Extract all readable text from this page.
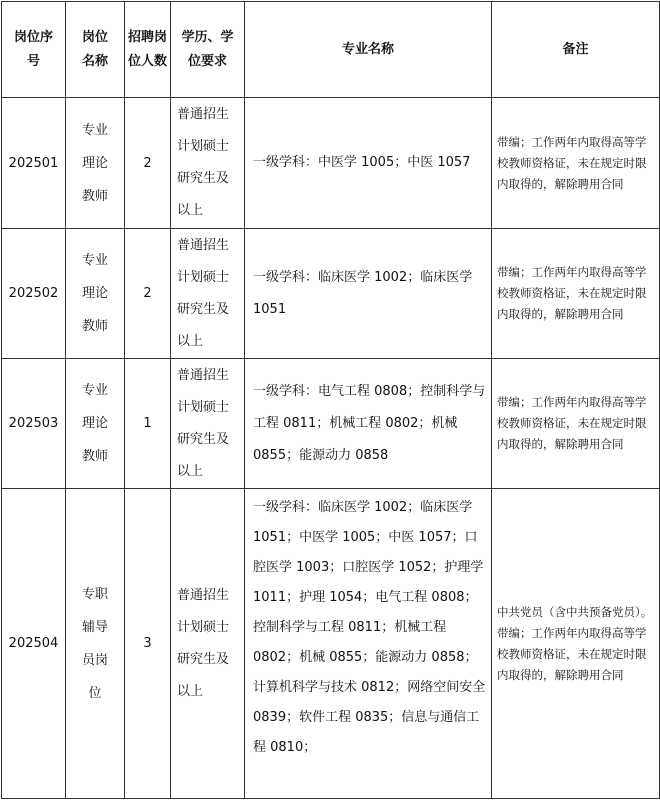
岗位序号	岗位名称	招聘岗位人数	学历、学位要求	专业名称	备注
202501	专业理论教师	2	普通招生计划硕士研究生及以上	一级学科：中医学 1005；中医 1057	带编；工作两年内取得高等学校教师资格证，未在规定时限内取得的，解除聘用合同
202502	专业理论教师	2	普通招生计划硕士研究生及以上	一级学科：临床医学 1002；临床医学 1051	带编；工作两年内取得高等学校教师资格证，未在规定时限内取得的，解除聘用合同
202503	专业理论教师	1	普通招生计划硕士研究生及以上	一级学科：电气工程 0808；控制科学与工程 0811；机械工程 0802；机械 0855；能源动力 0858	带编；工作两年内取得高等学校教师资格证，未在规定时限内取得的，解除聘用合同
202504	专职辅导员岗位	3	普通招生计划硕士研究生及以上	一级学科：临床医学 1002；临床医学 1051；中医学 1005；中医 1057；口腔医学 1003；口腔医学 1052；护理学 1011；护理 1054；电气工程 0808；控制科学与工程 0811；机械工程 0802；机械 0855；能源动力 0858；计算机科学与技术 0812；网络空间安全 0839；软件工程 0835；信息与通信工程 0810；	中共党员（含中共预备党员）。带编；工作两年内取得高等学校教师资格证，未在规定时限内取得的，解除聘用合同
